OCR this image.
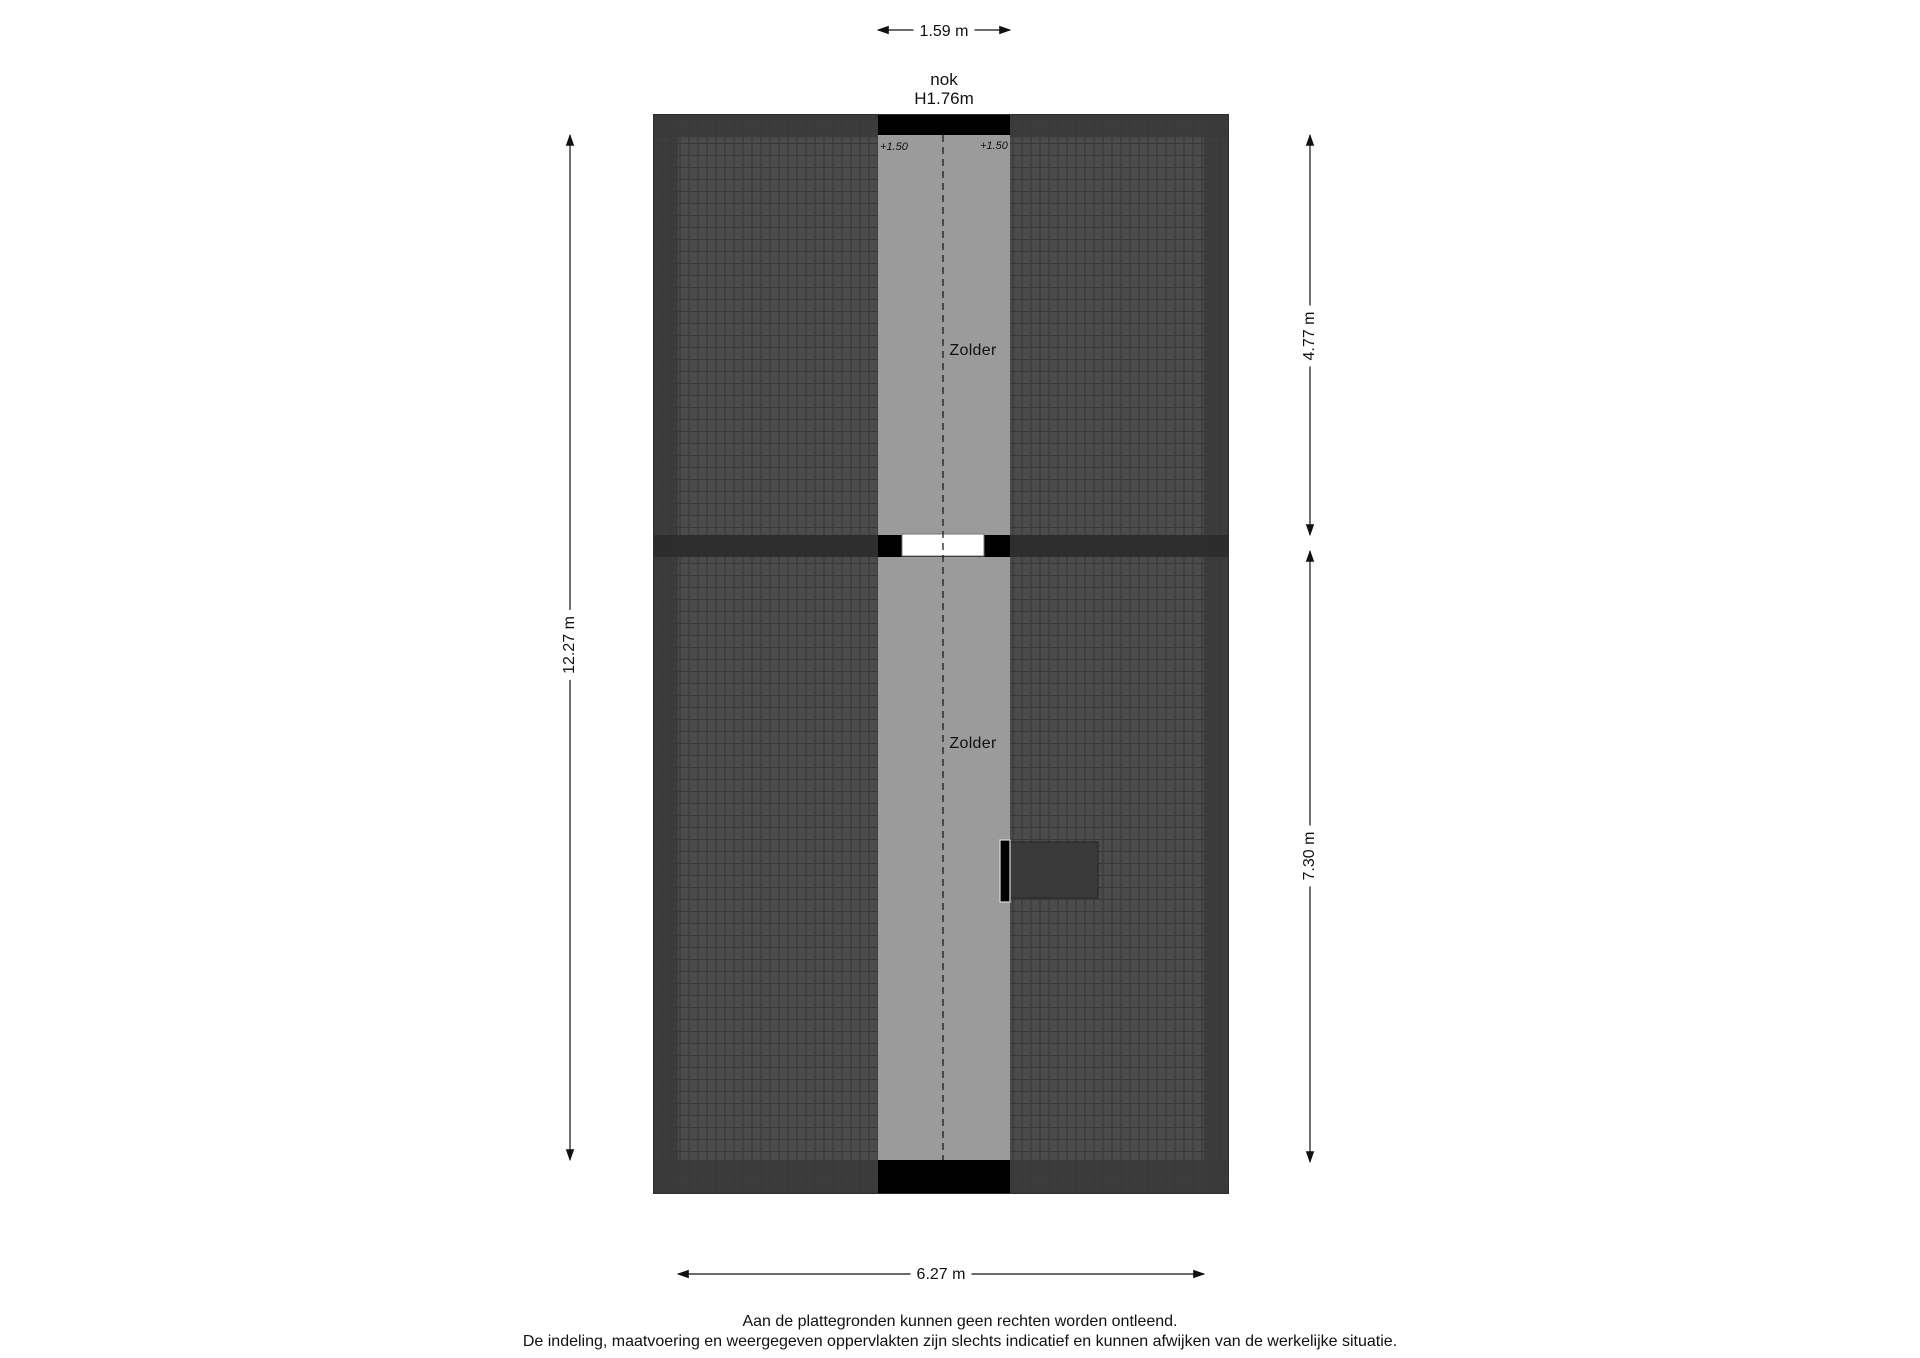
nok
H1.76m
+1.50	+1.50
Zolder
Zolder
1.59 m
12.27 m
4.77 m
7.30 m
6.27 m
Aan de plattegronden kunnen geen rechten worden ontleend.
De indeling, maatvoering en weergegeven oppervlakten zijn slechts indicatief en kunnen afwijken van de werkelijke situatie.
